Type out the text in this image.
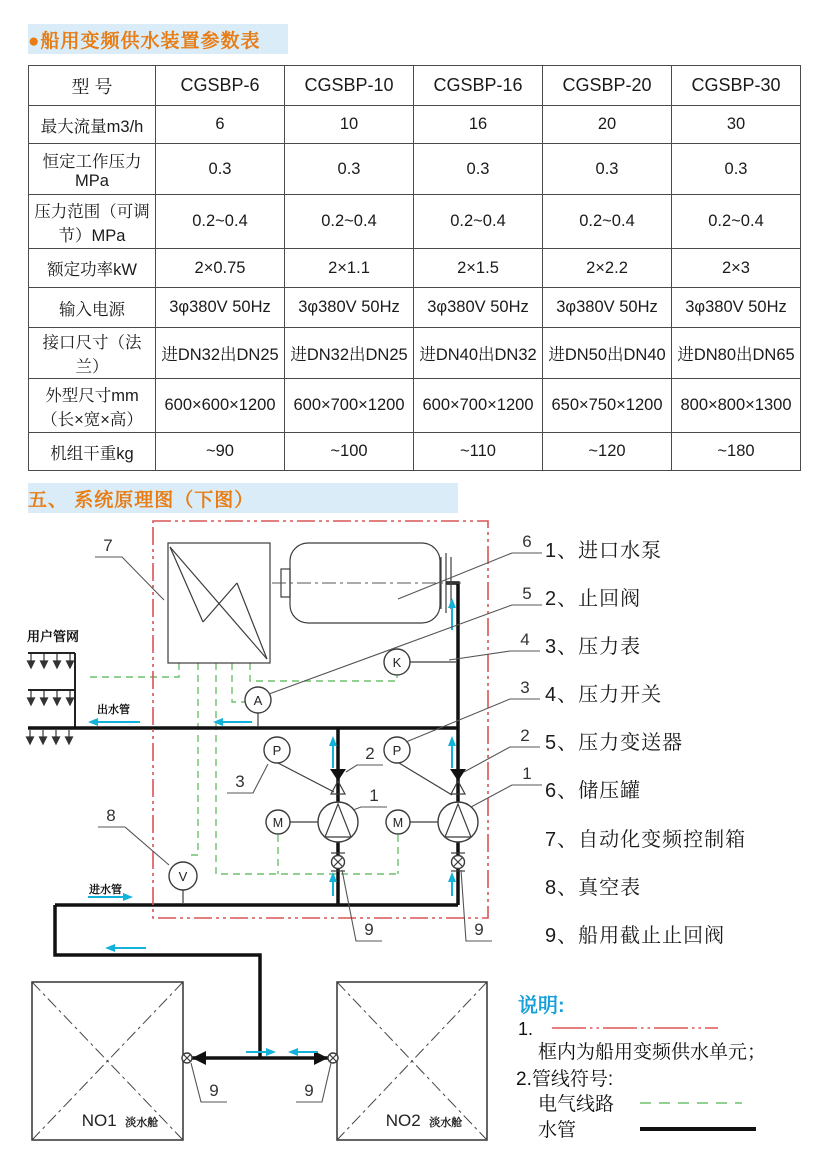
●船用变频供水装置参数表
型 号	CGSBP-6	CGSBP-10	CGSBP-16	CGSBP-20	CGSBP-30
最大流量m3/h	6	10	16	20	30
恒定工作压力MPa	0.3	0.3	0.3	0.3	0.3
压力范围（可调节）MPa	0.2~0.4	0.2~0.4	0.2~0.4	0.2~0.4	0.2~0.4
额定功率kW	2×0.75	2×1.1	2×1.5	2×2.2	2×3
输入电源	3φ380V 50Hz	3φ380V 50Hz	3φ380V 50Hz	3φ380V 50Hz	3φ380V 50Hz
接口尺寸（法兰）	进DN32出DN25	进DN32出DN25	进DN40出DN32	进DN50出DN40	进DN80出DN65
外型尺寸mm（长×宽×高）	600×600×1200	600×700×1200	600×700×1200	650×750×1200	800×800×1300
机组干重kg	~90	~100	~110	~120	~180
五、 系统原理图（下图）
用户管网
A
K
P	P
V
M	M
NO1 淡水舱	NO2 淡水舱
出水管
进水管
7	6
5
4
3
2
1
3
2
1
8
9	9
9	9
1、进口水泵
2、止回阀
3、压力表
4、压力开关
5、压力变送器
6、储压罐
7、自动化变频控制箱
8、真空表
9、船用截止止回阀
说明:
1.
框内为船用变频供水单元；
2.管线符号:
电气线路
水管
